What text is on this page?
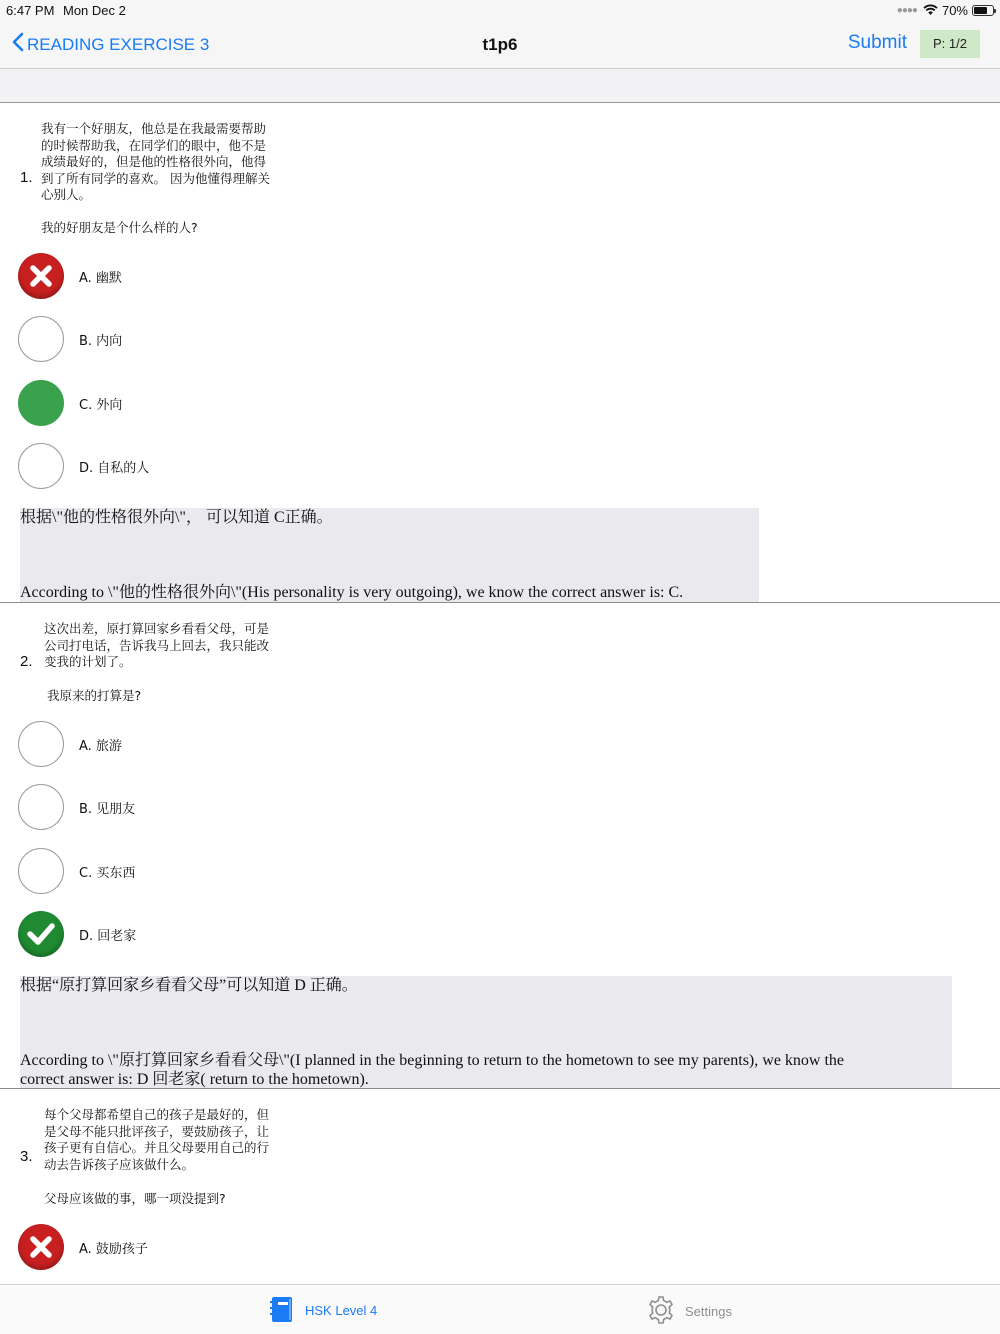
6:47 PM Mon Dec 2	●●●● 70%
READING EXERCISE 3	t1p6	Submit	P: 1/2
1.
我有一个好朋友，他总是在我最需要帮助
的时候帮助我，在同学们的眼中，他不是
成绩最好的，但是他的性格很外向，他得
到了所有同学的喜欢。 因为他懂得理解关
心别人。
我的好朋友是个什么样的人?
A. 幽默
B. 内向
C. 外向
D. 自私的人
根据\"他的性格很外向\"， 可以知道 C正确。
According to \"他的性格很外向\"(His personality is very outgoing), we know the correct answer is: C.
2.
这次出差，原打算回家乡看看父母，可是
公司打电话，告诉我马上回去，我只能改
变我的计划了。
我原来的打算是?
A. 旅游
B. 见朋友
C. 买东西
D. 回老家
根据“原打算回家乡看看父母”可以知道 D 正确。
According to \"原打算回家乡看看父母\"(I planned in the beginning to return to the hometown to see my parents), we know the
correct answer is: D 回老家( return to the hometown).
3.
每个父母都希望自己的孩子是最好的，但
是父母不能只批评孩子，要鼓励孩子，让
孩子更有自信心。并且父母要用自己的行
动去告诉孩子应该做什么。
父母应该做的事，哪一项没提到?
A. 鼓励孩子
HSK Level 4	Settings
